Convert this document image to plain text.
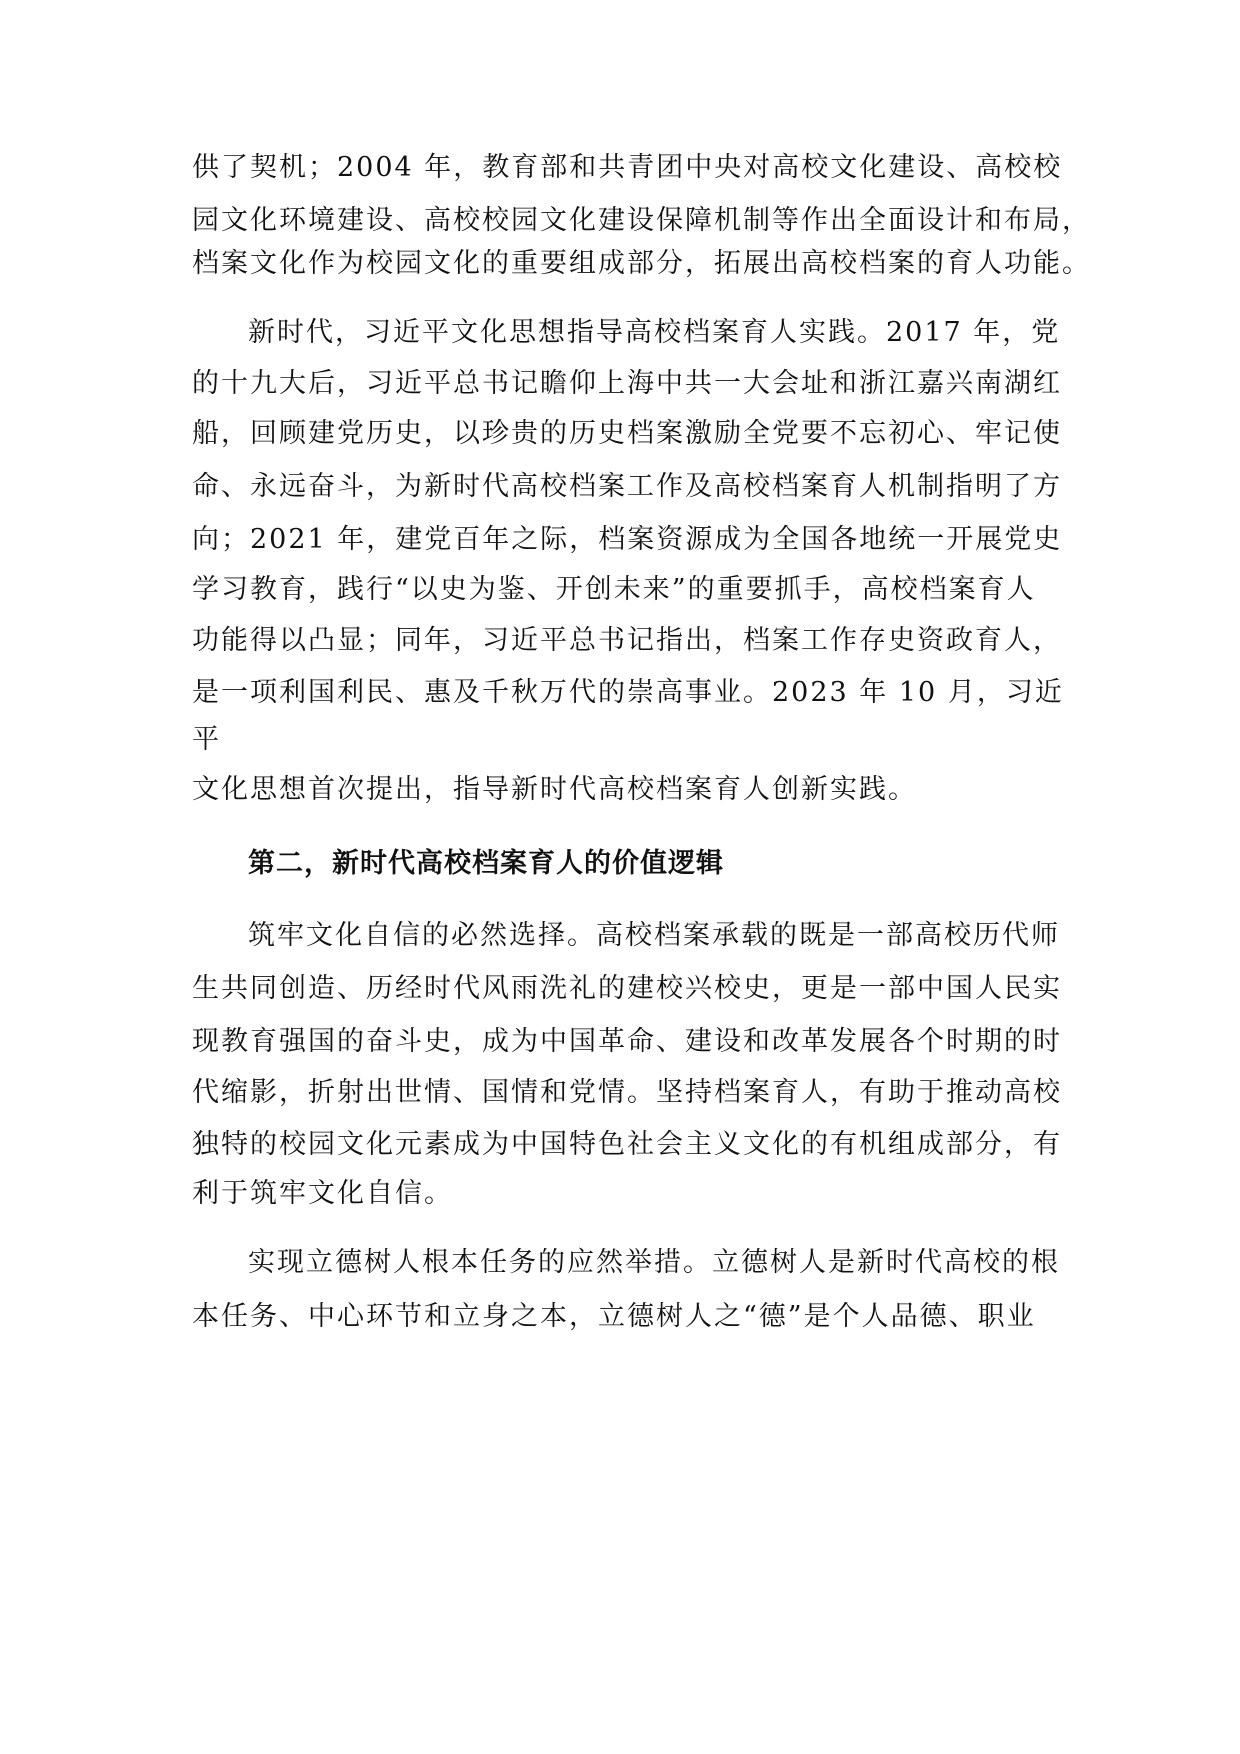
供了契机；2004 年，教育部和共青团中央对高校文化建设、高校校
园文化环境建设、高校校园文化建设保障机制等作出全面设计和布局，
档案文化作为校园文化的重要组成部分，拓展出高校档案的育人功能。
新时代，习近平文化思想指导高校档案育人实践。2017 年，党
的十九大后，习近平总书记瞻仰上海中共一大会址和浙江嘉兴南湖红
船，回顾建党历史，以珍贵的历史档案激励全党要不忘初心、牢记使
命、永远奋斗，为新时代高校档案工作及高校档案育人机制指明了方
向；2021 年，建党百年之际，档案资源成为全国各地统一开展党史
学习教育，践行“以史为鉴、开创未来”的重要抓手，高校档案育人
功能得以凸显；同年，习近平总书记指出，档案工作存史资政育人，
是一项利国利民、惠及千秋万代的崇高事业。2023 年 10 月，习近
平
文化思想首次提出，指导新时代高校档案育人创新实践。
第二，新时代高校档案育人的价值逻辑
筑牢文化自信的必然选择。高校档案承载的既是一部高校历代师
生共同创造、历经时代风雨洗礼的建校兴校史，更是一部中国人民实
现教育强国的奋斗史，成为中国革命、建设和改革发展各个时期的时
代缩影，折射出世情、国情和党情。坚持档案育人，有助于推动高校
独特的校园文化元素成为中国特色社会主义文化的有机组成部分，有
利于筑牢文化自信。
实现立德树人根本任务的应然举措。立德树人是新时代高校的根
本任务、中心环节和立身之本，立德树人之“德”是个人品德、职业
